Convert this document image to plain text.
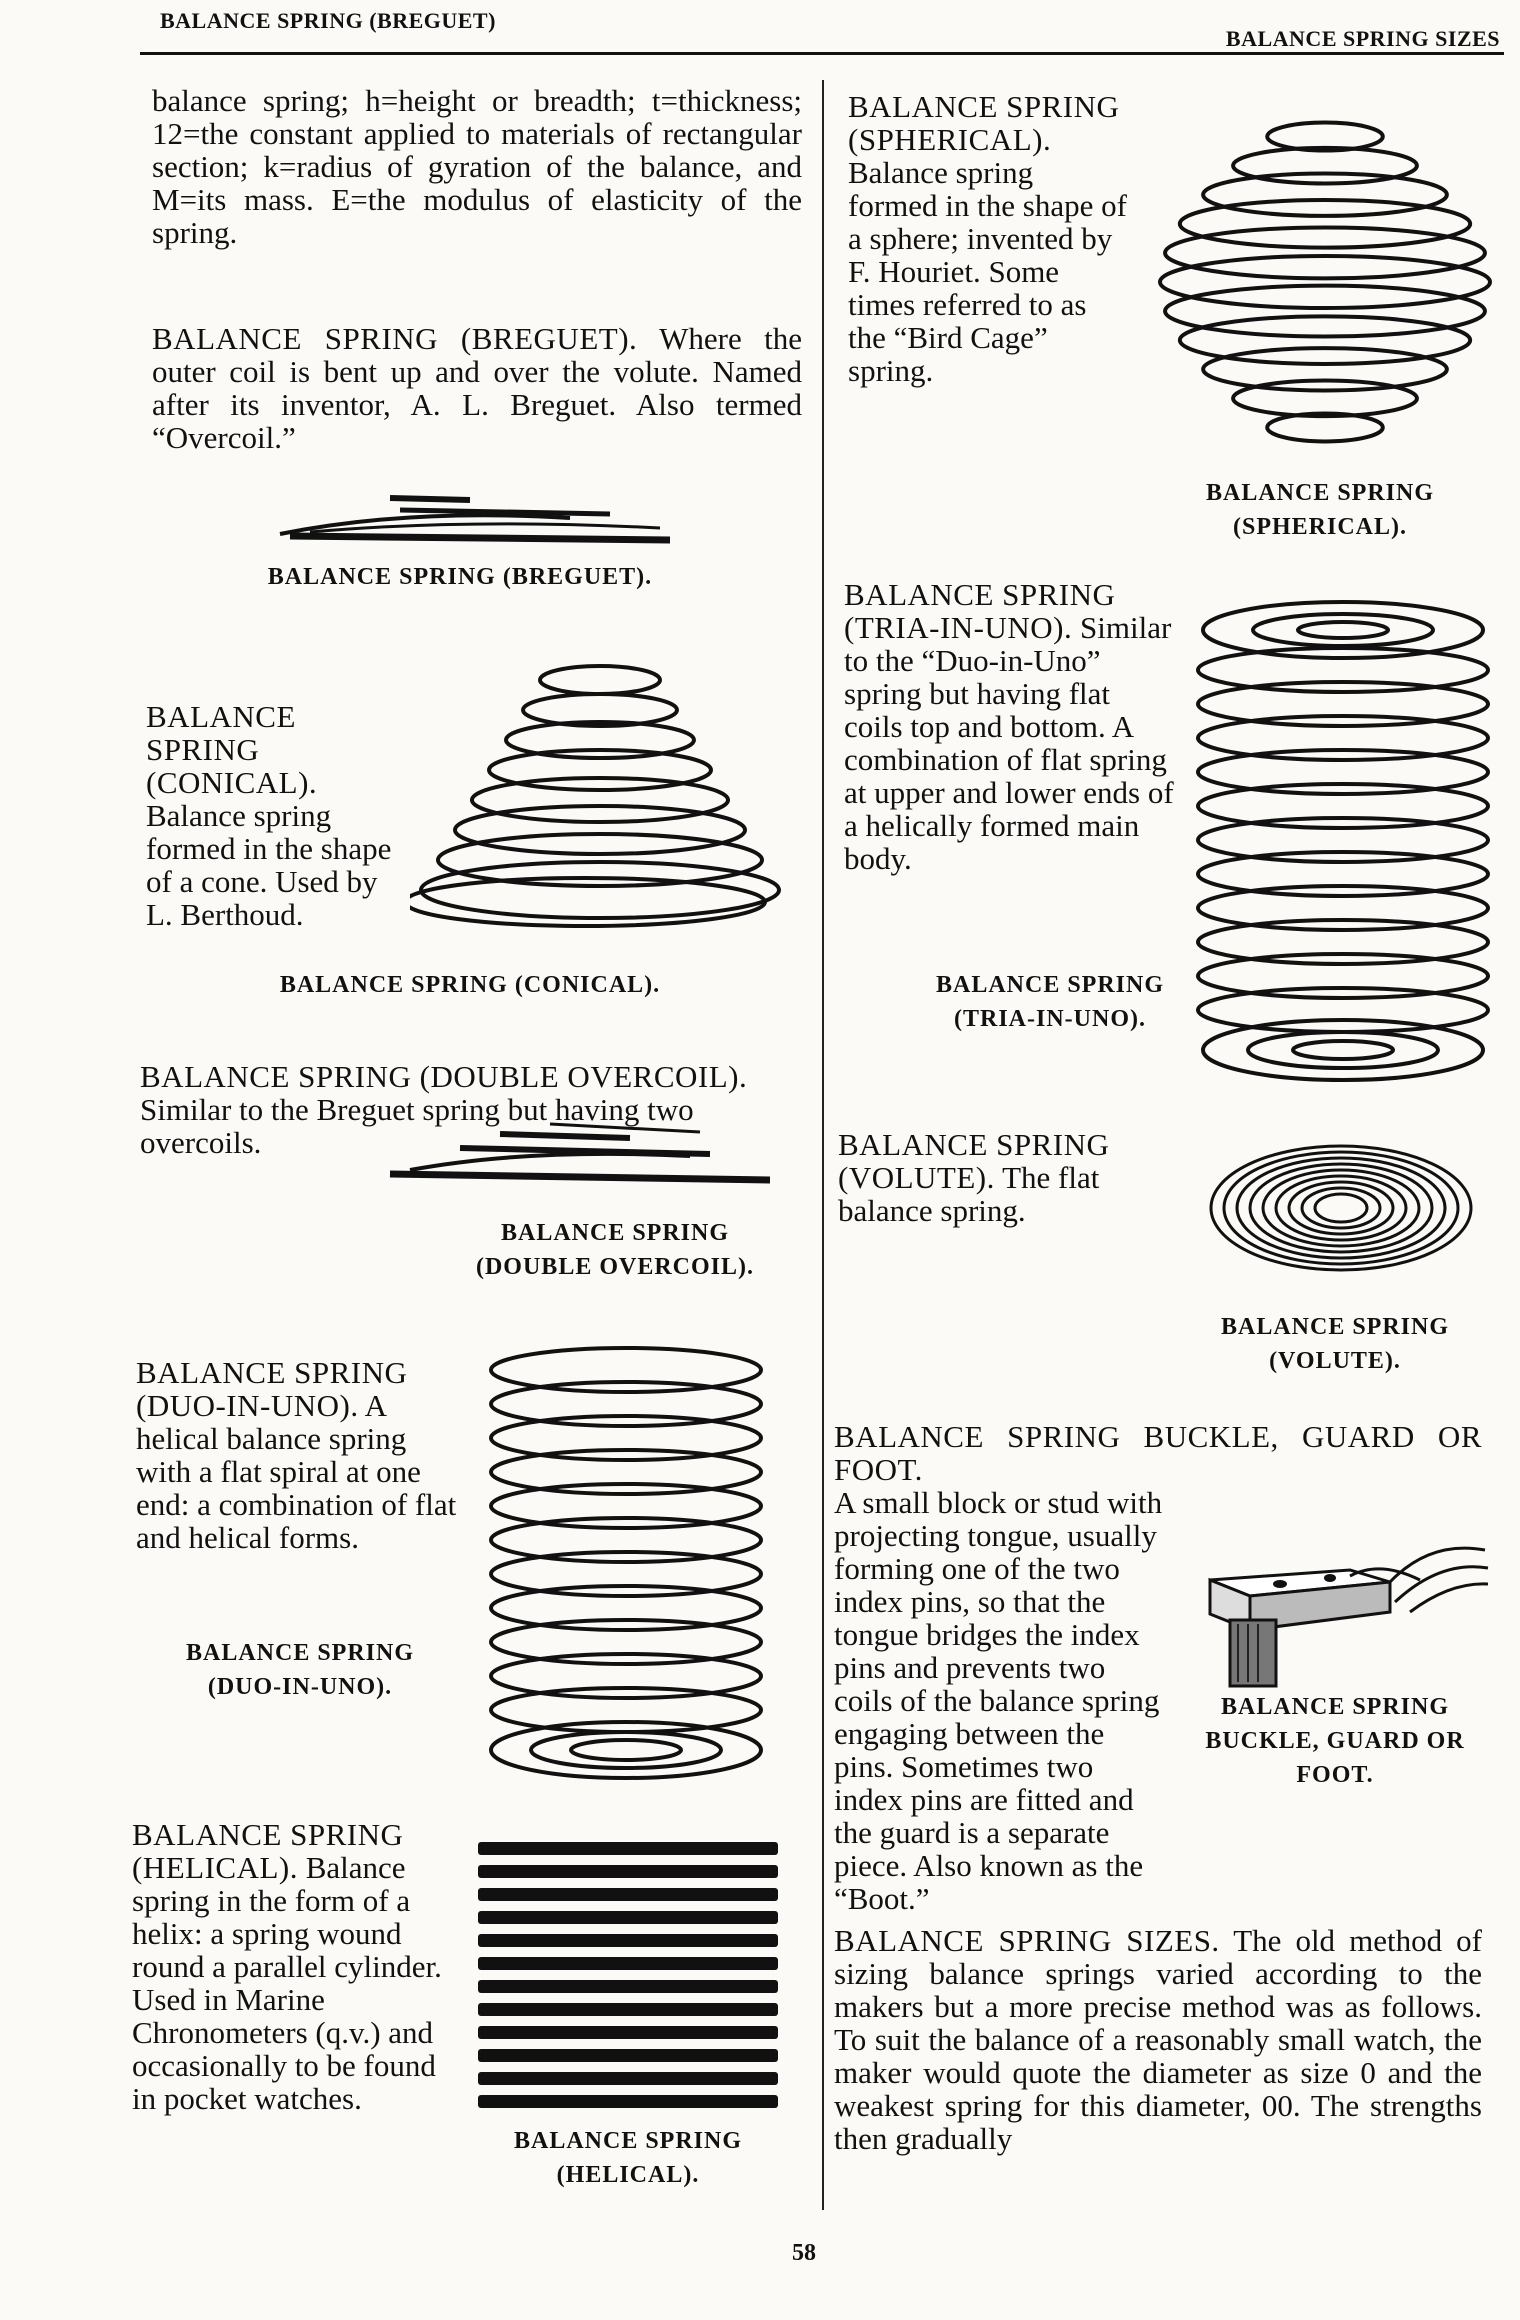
BALANCE SPRING (BREGUET)
BALANCE SPRING SIZES
balance spring; h=height or breadth; t=thickness; 12=the constant applied to materials of rectangular section; k=radius of gyration of the balance, and M=its mass. E=the modulus of elasticity of the spring.
BALANCE SPRING (BREGUET). Where the outer coil is bent up and over the volute. Named after its inventor, A. L. Breguet. Also termed “Overcoil.”
BALANCE SPRING (BREGUET).
BALANCE SPRING (CONICAL). Balance spring formed in the shape of a cone. Used by L. Berthoud.
BALANCE SPRING (CONICAL).
BALANCE SPRING (DOUBLE OVERCOIL). Similar to the Breguet spring but having two overcoils.
BALANCE SPRING (DOUBLE OVERCOIL).
BALANCE SPRING (DUO-IN-UNO). A helical balance spring with a flat spiral at one end: a combination of flat and helical forms.
BALANCE SPRING (DUO-IN-UNO).
BALANCE SPRING (HELICAL). Balance spring in the form of a helix: a spring wound round a parallel cylinder. Used in Marine Chronometers (q.v.) and occasionally to be found in pocket watches.
BALANCE SPRING (HELICAL).
BALANCE SPRING (SPHERICAL). Balance spring formed in the shape of a sphere; invented by F. Houriet. Some times referred to as the “Bird Cage” spring.
BALANCE SPRING (SPHERICAL).
BALANCE SPRING (TRIA-IN-UNO). Similar to the “Duo-in-Uno” spring but having flat coils top and bottom. A combination of flat spring at upper and lower ends of a helically formed main body.
BALANCE SPRING (TRIA-IN-UNO).
BALANCE SPRING (VOLUTE). The flat balance spring.
BALANCE SPRING (VOLUTE).
BALANCE SPRING BUCKLE, GUARD OR FOOT.
A small block or stud with projecting tongue, usually forming one of the two index pins, so that the tongue bridges the index pins and prevents two coils of the balance spring engaging between the pins. Sometimes two index pins are fitted and the guard is a separate piece. Also known as the “Boot.”
BALANCE SPRING BUCKLE, GUARD OR FOOT.
BALANCE SPRING SIZES. The old method of sizing balance springs varied according to the makers but a more precise method was as follows. To suit the balance of a reasonably small watch, the maker would quote the diameter as size 0 and the weakest spring for this diameter, 00. The strengths then gradually
58
